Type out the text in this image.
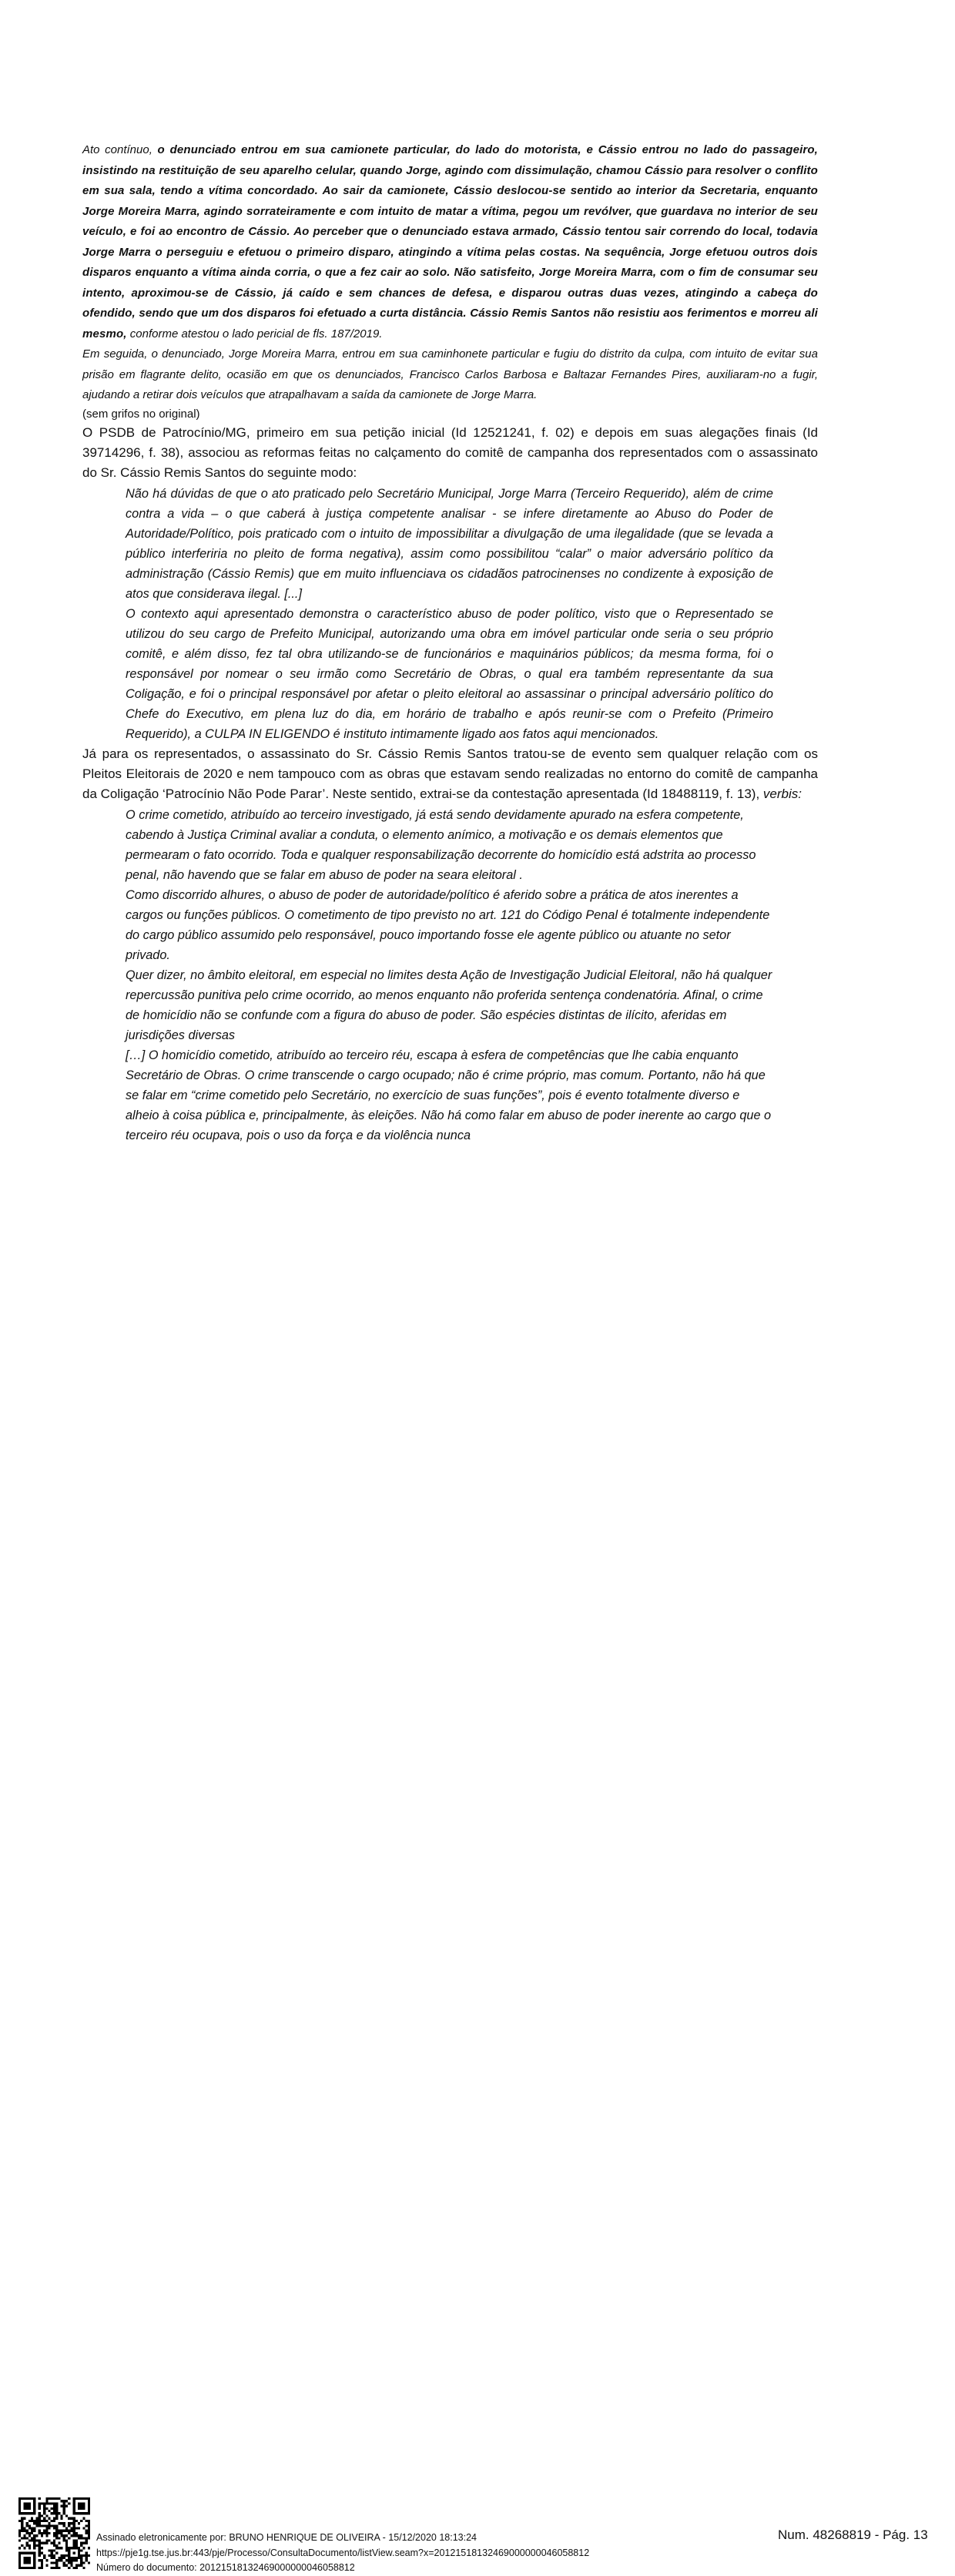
Ato contínuo, o denunciado entrou em sua camionete particular, do lado do motorista, e Cássio entrou no lado do passageiro, insistindo na restituição de seu aparelho celular, quando Jorge, agindo com dissimulação, chamou Cássio para resolver o conflito em sua sala, tendo a vítima concordado. Ao sair da camionete, Cássio deslocou-se sentido ao interior da Secretaria, enquanto Jorge Moreira Marra, agindo sorrateiramente e com intuito de matar a vítima, pegou um revólver, que guardava no interior de seu veículo, e foi ao encontro de Cássio. Ao perceber que o denunciado estava armado, Cássio tentou sair correndo do local, todavia Jorge Marra o perseguiu e efetuou o primeiro disparo, atingindo a vítima pelas costas. Na sequência, Jorge efetuou outros dois disparos enquanto a vítima ainda corria, o que a fez cair ao solo. Não satisfeito, Jorge Moreira Marra, com o fim de consumar seu intento, aproximou-se de Cássio, já caído e sem chances de defesa, e disparou outras duas vezes, atingindo a cabeça do ofendido, sendo que um dos disparos foi efetuado a curta distância. Cássio Remis Santos não resistiu aos ferimentos e morreu ali mesmo, conforme atestou o lado pericial de fls. 187/2019.

Em seguida, o denunciado, Jorge Moreira Marra, entrou em sua caminhonete particular e fugiu do distrito da culpa, com intuito de evitar sua prisão em flagrante delito, ocasião em que os denunciados, Francisco Carlos Barbosa e Baltazar Fernandes Pires, auxiliaram-no a fugir, ajudando a retirar dois veículos que atrapalhavam a saída da camionete de Jorge Marra.

(sem grifos no original)

O PSDB de Patrocínio/MG, primeiro em sua petição inicial (Id 12521241, f. 02) e depois em suas alegações finais (Id 39714296, f. 38), associou as reformas feitas no calçamento do comitê de campanha dos representados com o assassinato do Sr. Cássio Remis Santos do seguinte modo:

Não há dúvidas de que o ato praticado pelo Secretário Municipal, Jorge Marra (Terceiro Requerido), além de crime contra a vida – o que caberá à justiça competente analisar - se infere diretamente ao Abuso do Poder de Autoridade/Político, pois praticado com o intuito de impossibilitar a divulgação de uma ilegalidade (que se levada a público interferiria no pleito de forma negativa), assim como possibilitou “calar” o maior adversário político da administração (Cássio Remis) que em muito influenciava os cidadãos patrocinenses no condizente à exposição de atos que considerava ilegal. [...]

O contexto aqui apresentado demonstra o característico abuso de poder político, visto que o Representado se utilizou do seu cargo de Prefeito Municipal, autorizando uma obra em imóvel particular onde seria o seu próprio comitê, e além disso, fez tal obra utilizando-se de funcionários e maquinários públicos; da mesma forma, foi o responsável por nomear o seu irmão como Secretário de Obras, o qual era também representante da sua Coligação, e foi o principal responsável por afetar o pleito eleitoral ao assassinar o principal adversário político do Chefe do Executivo, em plena luz do dia, em horário de trabalho e após reunir-se com o Prefeito (Primeiro Requerido), a CULPA IN ELIGENDO é instituto intimamente ligado aos fatos aqui mencionados.

Já para os representados, o assassinato do Sr. Cássio Remis Santos tratou-se de evento sem qualquer relação com os Pleitos Eleitorais de 2020 e nem tampouco com as obras que estavam sendo realizadas no entorno do comitê de campanha da Coligação ‘Patrocínio Não Pode Parar’. Neste sentido, extrai-se da contestação apresentada (Id 18488119, f. 13), verbis:

O crime cometido, atribuído ao terceiro investigado, já está sendo devidamente apurado na esfera competente, cabendo à Justiça Criminal avaliar a conduta, o elemento anímico, a motivação e os demais elementos que permearam o fato ocorrido. Toda e qualquer responsabilização decorrente do homicídio está adstrita ao processo penal, não havendo que se falar em abuso de poder na seara eleitoral .

Como discorrido alhures, o abuso de poder de autoridade/político é aferido sobre a prática de atos inerentes a cargos ou funções públicos. O cometimento de tipo previsto no art. 121 do Código Penal é totalmente independente do cargo público assumido pelo responsável, pouco importando fosse ele agente público ou atuante no setor privado.

Quer dizer, no âmbito eleitoral, em especial no limites desta Ação de Investigação Judicial Eleitoral, não há qualquer repercussão punitiva pelo crime ocorrido, ao menos enquanto não proferida sentença condenatória. Afinal, o crime de homicídio não se confunde com a figura do abuso de poder. São espécies distintas de ilícito, aferidas em jurisdições diversas

[…] O homicídio cometido, atribuído ao terceiro réu, escapa à esfera de competências que lhe cabia enquanto Secretário de Obras. O crime transcende o cargo ocupado; não é crime próprio, mas comum. Portanto, não há que se falar em “crime cometido pelo Secretário, no exercício de suas funções”, pois é evento totalmente diverso e alheio à coisa pública e, principalmente, às eleições. Não há como falar em abuso de poder inerente ao cargo que o terceiro réu ocupava, pois o uso da força e da violência nunca

Assinado eletronicamente por: BRUNO HENRIQUE DE OLIVEIRA - 15/12/2020 18:13:24
https://pje1g.tse.jus.br:443/pje/Processo/ConsultaDocumento/listView.seam?x=20121518132469000000046058812
Número do documento: 20121518132469000000046058812
Num. 48268819 - Pág. 13
